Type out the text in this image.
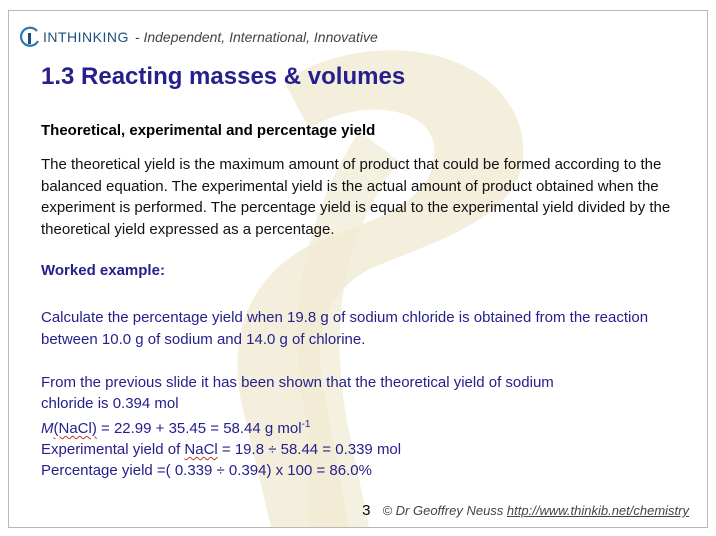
INTHINKING - Independent, International, Innovative
1.3 Reacting masses & volumes
Theoretical, experimental and percentage yield
The theoretical yield is the maximum amount of product that could be formed according to the balanced equation. The experimental yield is the actual amount of product obtained when the experiment is performed. The percentage yield is equal to the experimental yield divided by the theoretical yield expressed as a percentage.
Worked example:
Calculate the percentage yield when 19.8 g of sodium chloride is obtained from the reaction between 10.0 g of sodium and 14.0 g of chlorine.
From the previous slide it has been shown that the theoretical yield of sodium
chloride is 0.394 mol
M(NaCl) = 22.99 + 35.45 = 58.44 g mol$^{-1}$
Experimental yield of NaCl = 19.8 ÷ 58.44 = 0.339 mol
Percentage yield =( 0.339 ÷ 0.394) x 100 = 86.0%
3 © Dr Geoffrey Neuss http://www.thinkib.net/chemistry
